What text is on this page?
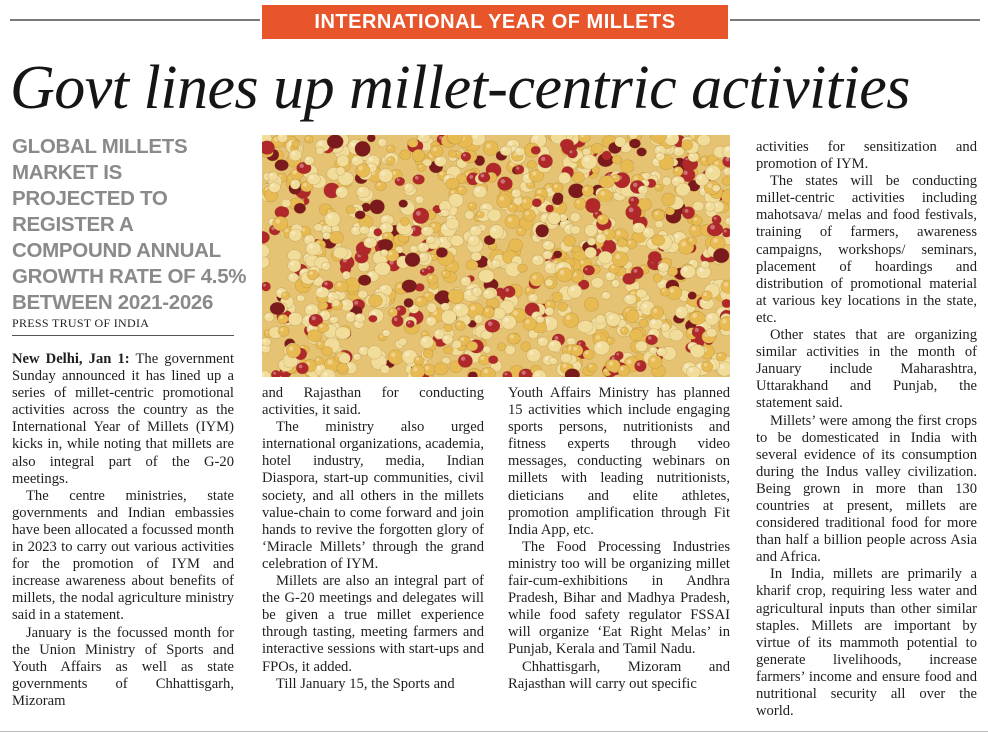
INTERNATIONAL YEAR OF MILLETS
Govt lines up millet-centric activities
GLOBAL MILLETS MARKET IS PROJECTED TO REGISTER A COMPOUND ANNUAL GROWTH RATE OF 4.5% BETWEEN 2021-2026
PRESS TRUST OF INDIA

New Delhi, Jan 1: The government Sunday announced it has lined up a series of millet-centric promotional activities across the country as the International Year of Millets (IYM) kicks in, while noting that millets are also integral part of the G-20 meetings.

The centre ministries, state governments and Indian embassies have been allocated a focussed month in 2023 to carry out various activities for the promotion of IYM and increase awareness about benefits of millets, the nodal agriculture ministry said in a statement.

January is the focussed month for the Union Ministry of Sports and Youth Affairs as well as state governments of Chhattisgarh, Mizoram

and Rajasthan for conducting activities, it said.

The ministry also urged international organizations, academia, hotel industry, media, Indian Diaspora, start-up communities, civil society, and all others in the millets value-chain to come forward and join hands to revive the forgotten glory of ‘Miracle Millets’ through the grand celebration of IYM.

Millets are also an integral part of the G-20 meetings and delegates will be given a true millet experience through tasting, meeting farmers and interactive sessions with start-ups and FPOs, it added.

Till January 15, the Sports and

Youth Affairs Ministry has planned 15 activities which include engaging sports persons, nutritionists and fitness experts through video messages, conducting webinars on millets with leading nutritionists, dieticians and elite athletes, promotion amplification through Fit India App, etc.

The Food Processing Industries ministry too will be organizing millet fair-cum-exhibitions in Andhra Pradesh, Bihar and Madhya Pradesh, while food safety regulator FSSAI will organize ‘Eat Right Melas’ in Punjab, Kerala and Tamil Nadu.

Chhattisgarh, Mizoram and Rajasthan will carry out specific

activities for sensitization and promotion of IYM.

The states will be conducting millet-centric activities including mahotsava/ melas and food festivals, training of farmers, awareness campaigns, workshops/ seminars, placement of hoardings and distribution of promotional material at various key locations in the state, etc.

Other states that are organizing similar activities in the month of January include Maharashtra, Uttarakhand and Punjab, the statement said.

Millets’ were among the first crops to be domesticated in India with several evidence of its consumption during the Indus valley civilization. Being grown in more than 130 countries at present, millets are considered traditional food for more than half a billion people across Asia and Africa.

In India, millets are primarily a kharif crop, requiring less water and agricultural inputs than other similar staples. Millets are important by virtue of its mammoth potential to generate livelihoods, increase farmers’ income and ensure food and nutritional security all over the world.
